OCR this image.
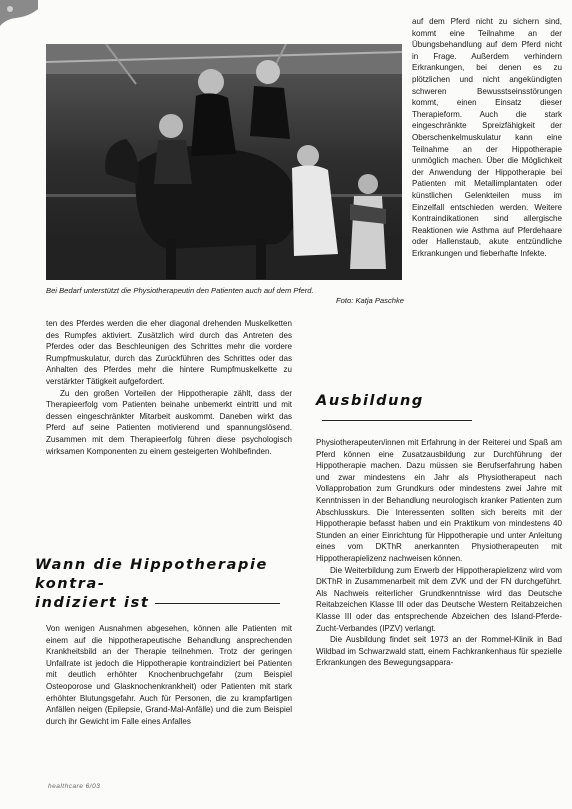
Bei Bedarf unterstützt die Physiotherapeutin den Patienten auch auf dem Pferd.
Foto: Katja Paschke

auf dem Pferd nicht zu sichern sind, kommt eine Teilnahme an der Übungsbehandlung auf dem Pferd nicht in Frage. Außerdem verhindern Erkrankungen, bei denen es zu plötzlichen und nicht angekündigten schweren Bewusstseinsstörungen kommt, einen Einsatz dieser Therapieform. Auch die stark eingeschränkte Spreizfähigkeit der Oberschenkelmuskulatur kann eine Teilnahme an der Hippotherapie unmöglich machen. Über die Möglichkeit der Anwendung der Hippotherapie bei Patienten mit Metallimplantaten oder künstlichen Gelenkteilen muss im Einzelfall entschieden werden. Weitere Kontraindikationen sind allergische Reaktionen wie Asthma auf Pferdehaare oder Hallenstaub, akute entzündliche Erkrankungen und fieberhafte Infekte.

ten des Pferdes werden die eher diagonal drehenden Muskelketten des Rumpfes aktiviert. Zusätzlich wird durch das Antreten des Pferdes oder das Beschleunigen des Schrittes mehr die vordere Rumpfmuskulatur, durch das Zurückführen des Schrittes oder das Anhalten des Pferdes mehr die hintere Rumpfmuskelkette zu verstärkter Tätigkeit aufgefordert.

Zu den großen Vorteilen der Hippotherapie zählt, dass der Therapieerfolg vom Patienten beinahe unbemerkt eintritt und mit dessen eingeschränkter Mitarbeit auskommt. Daneben wirkt das Pferd auf seine Patienten motivierend und spannungslösend. Zusammen mit dem Therapieerfolg führen diese psychologisch wirksamen Komponenten zu einem gesteigerten Wohlbefinden.

Wann die Hippotherapie kontra-
indiziert ist

Von wenigen Ausnahmen abgesehen, können alle Patienten mit einem auf die hippotherapeutische Behandlung ansprechenden Krankheitsbild an der Therapie teilnehmen. Trotz der geringen Unfallrate ist jedoch die Hippotherapie kontraindiziert bei Patienten mit deutlich erhöhter Knochenbruchgefahr (zum Beispiel Osteoporose und Glasknochenkrankheit) oder Patienten mit stark erhöhter Blutungsgefahr. Auch für Personen, die zu krampfartigen Anfällen neigen (Epilepsie, Grand-Mal-Anfälle) und die zum Beispiel durch ihr Gewicht im Falle eines Anfalles

Ausbildung

Physiotherapeuten/innen mit Erfahrung in der Reiterei und Spaß am Pferd können eine Zusatzausbildung zur Durchführung der Hippotherapie machen. Dazu müssen sie Berufserfahrung haben und zwar mindestens ein Jahr als Physiotherapeut nach Vollapprobation zum Grundkurs oder mindestens zwei Jahre mit Kenntnissen in der Behandlung neurologisch kranker Patienten zum Abschlusskurs. Die Interessenten sollten sich bereits mit der Hippotherapie befasst haben und ein Praktikum von mindestens 40 Stunden an einer Einrichtung für Hippotherapie und unter Anleitung eines vom DKThR anerkannten Physiotherapeuten mit Hippotherapielizenz nachweisen können.

Die Weiterbildung zum Erwerb der Hippotherapielizenz wird vom DKThR in Zusammenarbeit mit dem ZVK und der FN durchgeführt. Als Nachweis reiterlicher Grundkenntnisse wird das Deutsche Reitabzeichen Klasse III oder das Deutsche Western Reitabzeichen Klasse III oder das entsprechende Abzeichen des Island-Pferde-Zucht-Verbandes (IPZV) verlangt.

Die Ausbildung findet seit 1973 an der Rommel-Klinik in Bad Wildbad im Schwarzwald statt, einem Fachkrankenhaus für spezielle Erkrankungen des Bewegungsappara-

healthcare 6/03
